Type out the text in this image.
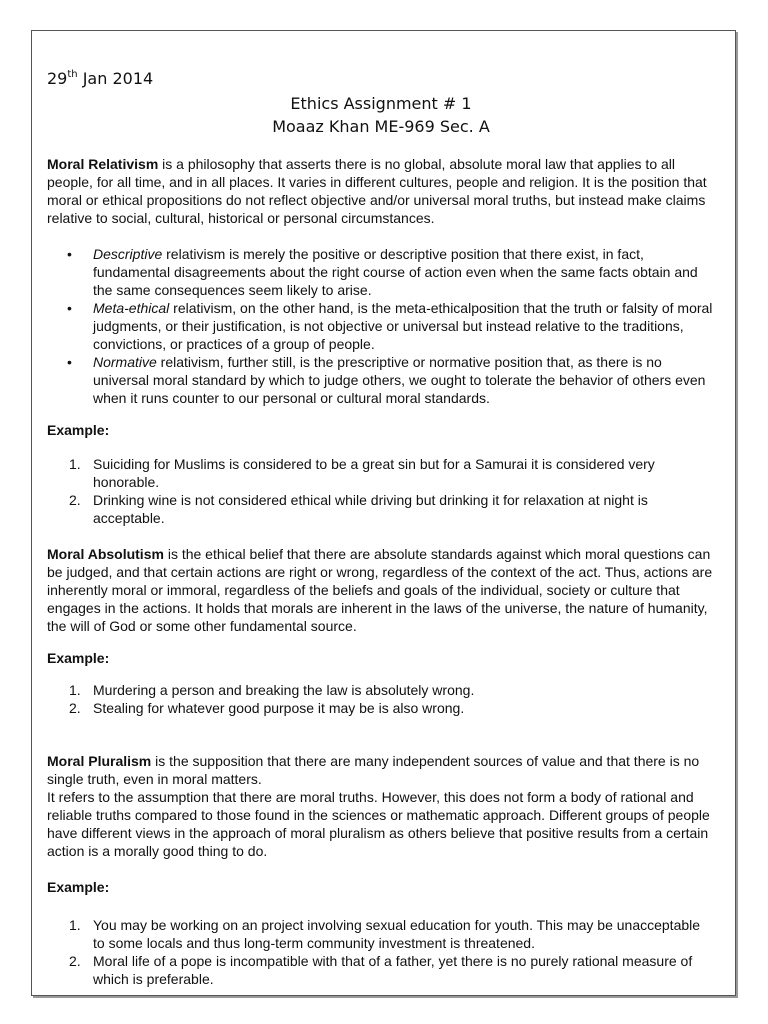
29th Jan 2014
Ethics Assignment # 1
Moaaz Khan ME-969 Sec. A

Moral Relativism is a philosophy that asserts there is no global, absolute moral law that applies to all people, for all time, and in all places. It varies in different cultures, people and religion. It is the position that moral or ethical propositions do not reflect objective and/or universal moral truths, but instead make claims relative to social, cultural, historical or personal circumstances.

• Descriptive relativism is merely the positive or descriptive position that there exist, in fact, fundamental disagreements about the right course of action even when the same facts obtain and the same consequences seem likely to arise.
• Meta-ethical relativism, on the other hand, is the meta-ethicalposition that the truth or falsity of moral judgments, or their justification, is not objective or universal but instead relative to the traditions, convictions, or practices of a group of people.
• Normative relativism, further still, is the prescriptive or normative position that, as there is no universal moral standard by which to judge others, we ought to tolerate the behavior of others even when it runs counter to our personal or cultural moral standards.

Example:

1. Suiciding for Muslims is considered to be a great sin but for a Samurai it is considered very honorable.
2. Drinking wine is not considered ethical while driving but drinking it for relaxation at night is acceptable.

Moral Absolutism is the ethical belief that there are absolute standards against which moral questions can be judged, and that certain actions are right or wrong, regardless of the context of the act. Thus, actions are inherently moral or immoral, regardless of the beliefs and goals of the individual, society or culture that engages in the actions. It holds that morals are inherent in the laws of the universe, the nature of humanity, the will of God or some other fundamental source.

Example:

1. Murdering a person and breaking the law is absolutely wrong.
2. Stealing for whatever good purpose it may be is also wrong.

Moral Pluralism is the supposition that there are many independent sources of value and that there is no single truth, even in moral matters.

It refers to the assumption that there are moral truths. However, this does not form a body of rational and reliable truths compared to those found in the sciences or mathematic approach. Different groups of people have different views in the approach of moral pluralism as others believe that positive results from a certain action is a morally good thing to do.

Example:

1. You may be working on an project involving sexual education for youth. This may be unacceptable to some locals and thus long-term community investment is threatened.
2. Moral life of a pope is incompatible with that of a father, yet there is no purely rational measure of which is preferable.
